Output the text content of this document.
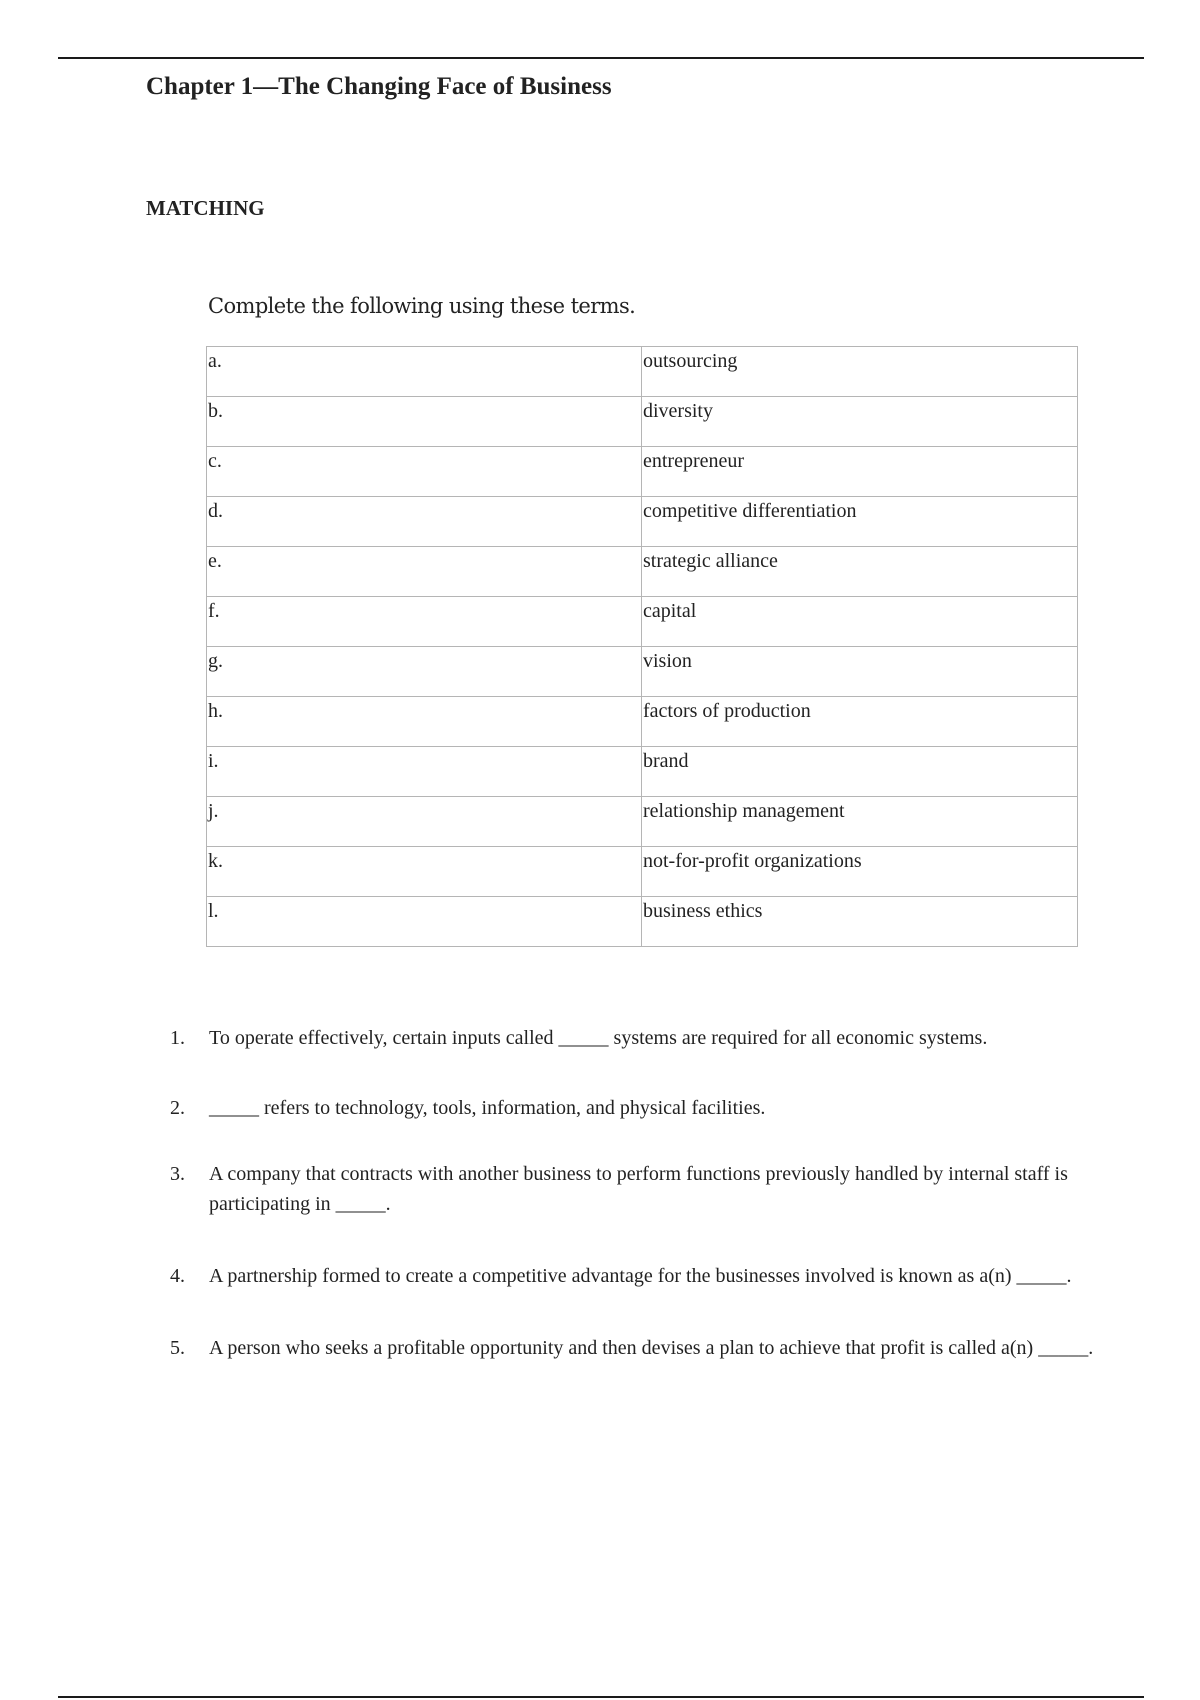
Chapter 1—The Changing Face of Business
MATCHING
Complete the following using these terms.
a.	outsourcing

b.	diversity

c.	entrepreneur

d.	competitive differentiation

e.	strategic alliance

f.	capital

g.	vision

h.	factors of production

i.	brand

j.	relationship management

k.	not-for-profit organizations

l.	business ethics
1. To operate effectively, certain inputs called _____ systems are required for all economic systems.
2. _____ refers to technology, tools, information, and physical facilities.
3. A company that contracts with another business to perform functions previously handled by internal staff is participating in _____.
4. A partnership formed to create a competitive advantage for the businesses involved is known as a(n) _____.
5. A person who seeks a profitable opportunity and then devises a plan to achieve that profit is called a(n) _____.
